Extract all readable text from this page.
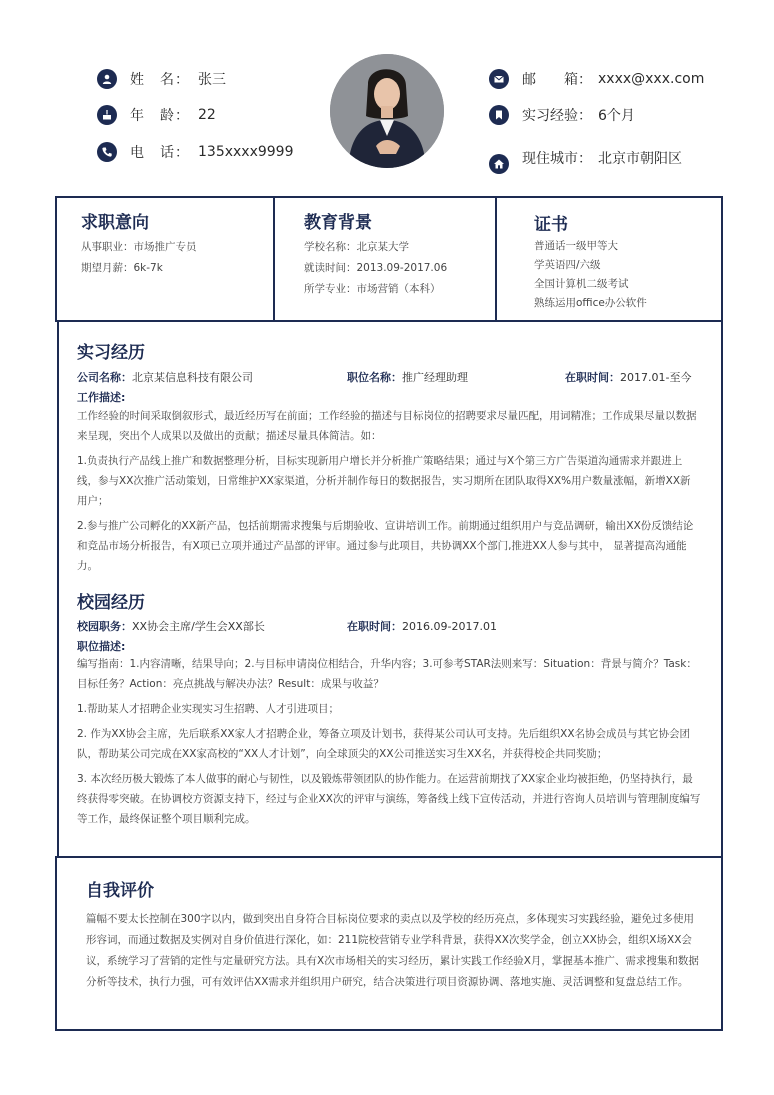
姓　名： 张三
年　龄： 22
电　话： 135xxxx9999
邮　　箱： xxxx@xxx.com
实习经验： 6个月
现住城市： 北京市朝阳区
求职意向
从事职业：市场推广专员
期望月薪：6k-7k
教育背景
学校名称：北京某大学
就读时间：2013.09-2017.06
所学专业：市场营销（本科）
证书
普通话一级甲等大
学英语四/六级
全国计算机二级考试
熟练运用office办公软件
实习经历
公司名称：北京某信息科技有限公司	职位名称：推广经理助理	在职时间：2017.01-至今
工作描述:
工作经验的时间采取倒叙形式，最近经历写在前面；工作经验的描述与目标岗位的招聘要求尽量匹配，用词精准；工作成果尽量以数据来呈现，突出个人成果以及做出的贡献；描述尽量具体简洁。如：
1.负责执行产品线上推广和数据整理分析，目标实现新用户增长并分析推广策略结果；通过与X个第三方广告渠道沟通需求并跟进上线，参与XX次推广活动策划，日常维护XX家渠道，分析并制作每日的数据报告，实习期所在团队取得XX%用户数量涨幅，新增XX新用户；
2.参与推广公司孵化的XX新产品，包括前期需求搜集与后期验收、宣讲培训工作。前期通过组织用户与竞品调研，输出XX份反馈结论和竞品市场分析报告，有X项已立项并通过产品部的评审。通过参与此项目，共协调XX个部门,推进XX人参与其中， 显著提高沟通能力。
校园经历
校园职务：XX协会主席/学生会XX部长	在职时间：2016.09-2017.01
职位描述:
编写指南：1.内容清晰，结果导向；2.与目标申请岗位相结合，升华内容；3.可参考STAR法则来写：Situation：背景与简介？Task：目标任务？Action：亮点挑战与解决办法？Result：成果与收益？
1.帮助某人才招聘企业实现实习生招聘、人才引进项目；
2. 作为XX协会主席，先后联系XX家人才招聘企业，筹备立项及计划书，获得某公司认可支持。先后组织XX名协会成员与其它协会团队，帮助某公司完成在XX家高校的“XX人才计划”，向全球顶尖的XX公司推送实习生XX名，并获得校企共同奖励；
3. 本次经历极大锻炼了本人做事的耐心与韧性，以及锻炼带领团队的协作能力。在运营前期找了XX家企业均被拒绝，仍坚持执行，最终获得零突破。在协调校方资源支持下，经过与企业XX次的评审与演练，筹备线上线下宣传活动，并进行咨询人员培训与管理制度编写等工作，最终保证整个项目顺利完成。
自我评价
篇幅不要太长控制在300字以内，做到突出自身符合目标岗位要求的卖点以及学校的经历亮点，多体现实习实践经验，避免过多使用形容词，而通过数据及实例对自身价值进行深化，如：211院校营销专业学科背景，获得XX次奖学金，创立XX协会，组织X场XX会议，系统学习了营销的定性与定量研究方法。具有X次市场相关的实习经历，累计实践工作经验X月，掌握基本推广、需求搜集和数据分析等技术，执行力强，可有效评估XX需求并组织用户研究，结合决策进行项目资源协调、落地实施、灵活调整和复盘总结工作。
